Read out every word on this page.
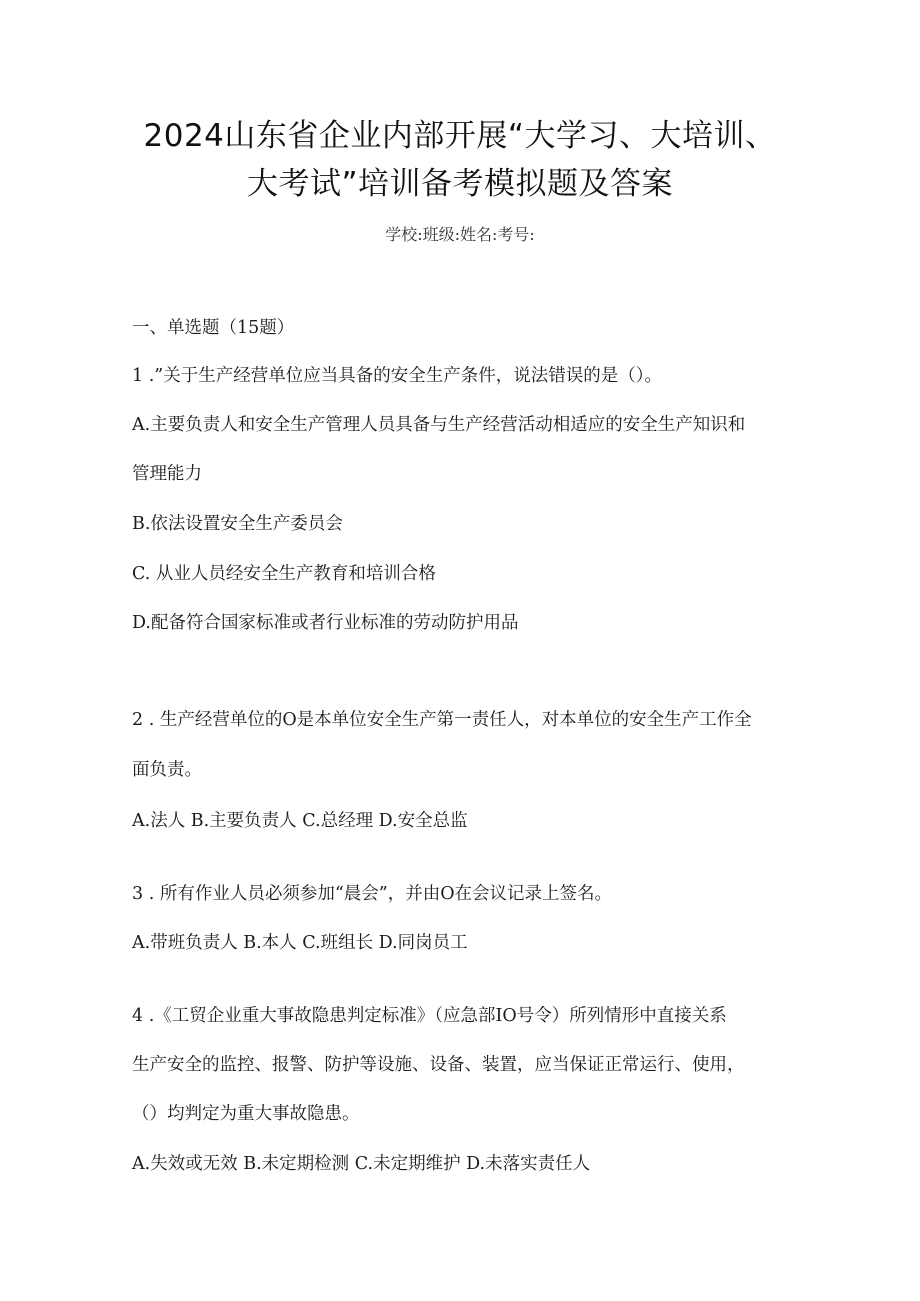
2024山东省企业内部开展“大学习、大培训、
大考试”培训备考模拟题及答案
学校:班级:姓名:考号:
一、单选题（15题）
1 .”关于生产经营单位应当具备的安全生产条件，说法错误的是（）。
A.主要负责人和安全生产管理人员具备与生产经营活动相适应的安全生产知识和
管理能力
B.依法设置安全生产委员会
C. 从业人员经安全生产教育和培训合格
D.配备符合国家标准或者行业标准的劳动防护用品
2 . 生产经营单位的O是本单位安全生产第一责任人，对本单位的安全生产工作全
面负责。
A.法人 B.主要负责人 C.总经理 D.安全总监
3 . 所有作业人员必须参加“晨会”，并由O在会议记录上签名。
A.带班负责人 B.本人 C.班组长 D.同岗员工
4 .《工贸企业重大事故隐患判定标准》（应急部IO号令）所列情形中直接关系
生产安全的监控、报警、防护等设施、设备、装置，应当保证正常运行、使用，
（）均判定为重大事故隐患。
A.失效或无效 B.未定期检测 C.未定期维护 D.未落实责任人
